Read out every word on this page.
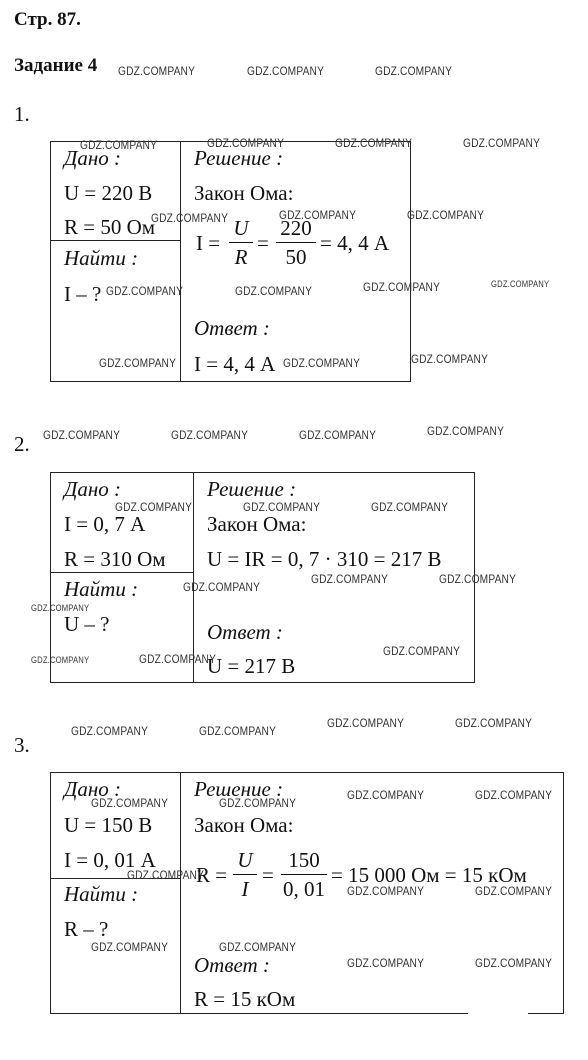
Стр. 87.
Задание 4
1.
Дано :
U = 220 В
R = 50 Ом
Найти :
I – ?
Решение :
Закон Ома:
I =
U
R
=
220
50
= 4, 4 А
Ответ :
I = 4, 4 А
2.
Дано :
I = 0, 7 А
R = 310 Ом
Найти :
U – ?
Решение :
Закон Ома:
U = IR = 0, 7 · 310 = 217 В
Ответ :
U = 217 В
3.
Дано :
U = 150 В
I = 0, 01 А
Найти :
R – ?
Решение :
Закон Ома:
R =
U
I
=
150
0, 01
= 15 000 Ом = 15 кОм
Ответ :
R = 15 кОм
GDZ.COMPANY	GDZ.COMPANY	GDZ.COMPANY
GDZ.COMPANY	GDZ.COMPANY	GDZ.COMPANY	GDZ.COMPANY
GDZ.COMPANY	GDZ.COMPANY	GDZ.COMPANY
GDZ.COMPANY	GDZ.COMPANY	GDZ.COMPANY	GDZ.COMPANY
GDZ.COMPANY	GDZ.COMPANY	GDZ.COMPANY
GDZ.COMPANY	GDZ.COMPANY	GDZ.COMPANY	GDZ.COMPANY
GDZ.COMPANY	GDZ.COMPANY	GDZ.COMPANY
GDZ.COMPANY
GDZ.COMPANY	GDZ.COMPANY
GDZ.COMPANY
GDZ.COMPANY	GDZ.COMPANY
GDZ.COMPANY
GDZ.COMPANY	GDZ.COMPANY
GDZ.COMPANY	GDZ.COMPANY
GDZ.COMPANY	GDZ.COMPANY
GDZ.COMPANY	GDZ.COMPANY
GDZ.COMPANY
GDZ.COMPANY	GDZ.COMPANY
GDZ.COMPANY	GDZ.COMPANY
GDZ.COMPANY	GDZ.COMPANY
